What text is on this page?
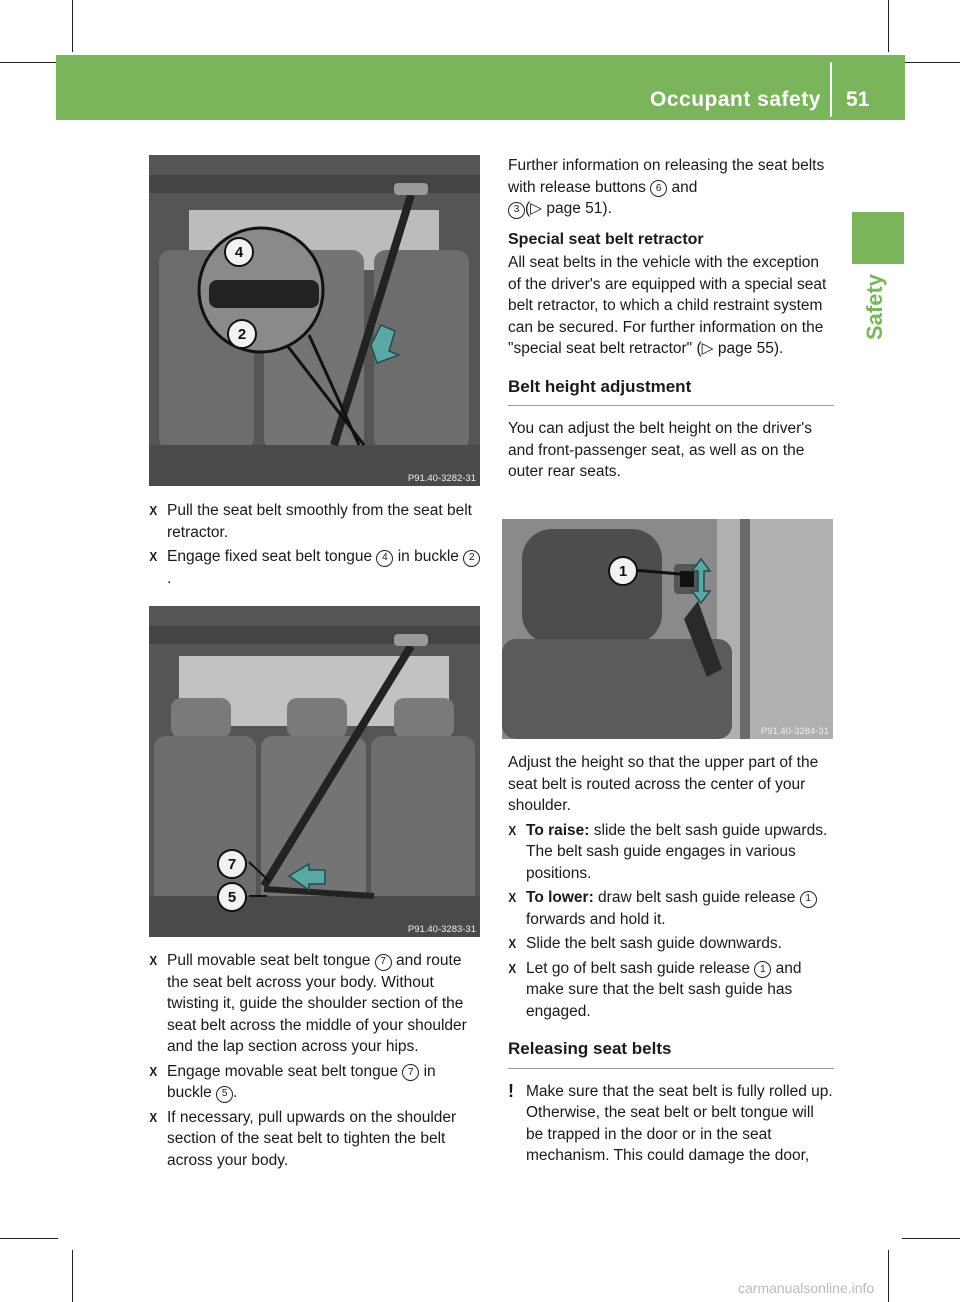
Occupant safety 51
Safety
4
2
P91.40-3282-31

X Pull the seat belt smoothly from the seat belt retractor.

X Engage fixed seat belt tongue 4 in buckle 2.

7
5
P91.40-3283-31

X Pull movable seat belt tongue 7 and route the seat belt across your body. Without twisting it, guide the shoulder section of the seat belt across the middle of your shoulder and the lap section across your hips.

X Engage movable seat belt tongue 7 in buckle 5 .

X If necessary, pull upwards on the shoulder section of the seat belt to tighten the belt across your body.

Further information on releasing the seat belts with release buttons 6 and
3 (▷ page 51).

Special seat belt retractor

All seat belts in the vehicle with the exception of the driver's are equipped with a special seat belt retractor, to which a child restraint system can be secured. For further information on the "special seat belt retractor" (▷ page 55).

Belt height adjustment

You can adjust the belt height on the driver's and front-passenger seat, as well as on the outer rear seats.

1
P91.40-3284-31

Adjust the height so that the upper part of the seat belt is routed across the center of your shoulder.

X To raise: slide the belt sash guide upwards. The belt sash guide engages in various positions.

X To lower: draw belt sash guide release 1 forwards and hold it.

X Slide the belt sash guide downwards.

X Let go of belt sash guide release 1 and make sure that the belt sash guide has engaged.

Releasing seat belts

! Make sure that the seat belt is fully rolled up. Otherwise, the seat belt or belt tongue will be trapped in the door or in the seat mechanism. This could damage the door,

carmanualsonline.info
